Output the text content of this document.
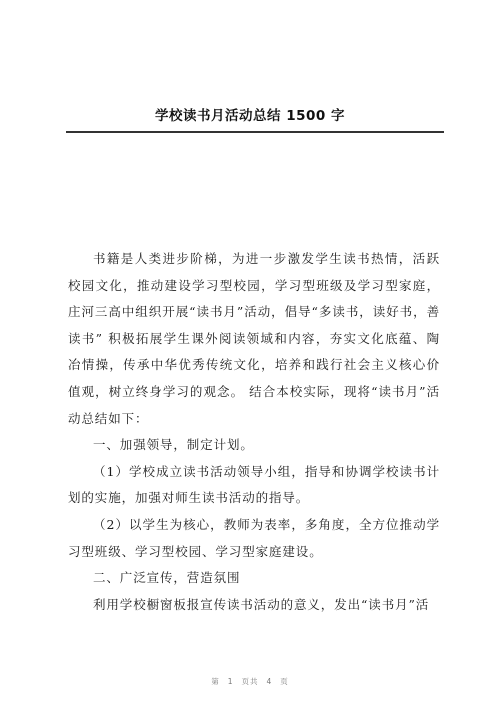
学校读书月活动总结 1500 字

书籍是人类进步阶梯，为进一步激发学生读书热情，活跃校园文化，推动建设学习型校园，学习型班级及学习型家庭，庄河三高中组织开展“读书月”活动，倡导“多读书，读好书，善读书” 积极拓展学生课外阅读领域和内容，夯实文化底蕴、陶冶情操，传承中华优秀传统文化，培养和践行社会主义核心价值观，树立终身学习的观念。 结合本校实际，现将“读书月”活动总结如下：

一、加强领导，制定计划。

（1）学校成立读书活动领导小组，指导和协调学校读书计划的实施，加强对师生读书活动的指导。

（2）以学生为核心，教师为表率，多角度，全方位推动学习型班级、学习型校园、学习型家庭建设。

二、广泛宣传，营造氛围

利用学校橱窗板报宣传读书活动的意义，发出“读书月”活

第 1 页共 4 页
